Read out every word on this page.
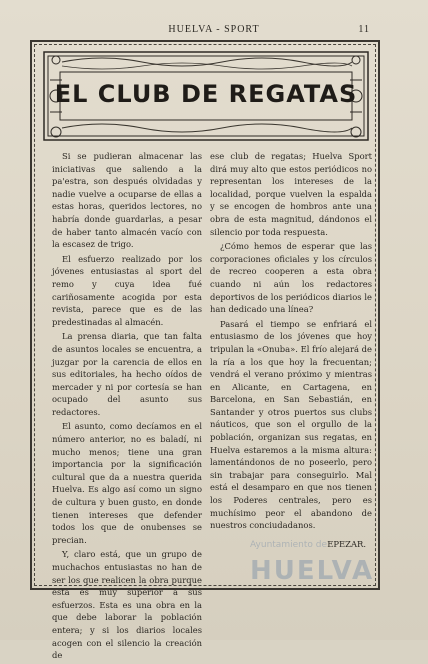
HUELVA - SPORT	11
EL CLUB DE REGATAS

Si se pudieran almacenar las iniciativas que saliendo a la pa'estra, son después olvidadas y nadie vuelve a ocuparse de ellas a estas horas, queridos lectores, no habría donde guardarlas, a pesar de haber tanto almacén vacío con la escasez de trigo.

El esfuerzo realizado por los jóvenes entusiastas al sport del remo y cuya idea fué cariñosamente acogida por esta revista, parece que es de las predestinadas al almacén.

La prensa diaria, que tan falta de asuntos locales se encuentra, a juzgar por la carencia de ellos en sus editoriales, ha hecho oídos de mercader y ni por cortesía se han ocupado del asunto sus redactores.

El asunto, como decíamos en el número anterior, no es baladí, ni mucho menos; tiene una gran importancia por la significación cultural que da a nuestra querida Huelva. Es algo así como un signo de cultura y buen gusto, en donde tienen intereses que defender todos los que de onubenses se precian.

Y, claro está, que un grupo de muchachos entusiastas no han de ser los que realicen la obra purque esta es muy superior a sus esfuerzos. Esta es una obra en la que debe laborar la población entera; y si los diarios locales acogen con el silencio la creación de

ese club de regatas; Huelva Sport dirá muy alto que estos periódicos no representan los intereses de la localidad, porque vuelven la espalda y se encogen de hombros ante una obra de esta magnitud, dándonos el silencio por toda respuesta.

¿Cómo hemos de esperar que las corporaciones oficiales y los círculos de recreo cooperen a esta obra cuando ni aún los redactores deportivos de los periódicos diarios le han dedicado una línea?

Pasará el tiempo se enfriará el entusiasmo de los jóvenes que hoy tripulan la «Onuba». El frío alejará de la ría a los que hoy la frecuentan; vendrá el verano próximo y mientras en Alicante, en Cartagena, en Barcelona, en San Sebastián, en Santander y otros puertos sus clubs náuticos, que son el orgullo de la población, organizan sus regatas, en Huelva estaremos a la misma altura: lamentándonos de no poseerlo, pero sin trabajar para conseguirlo. Mal está el desamparo en que nos tienen los Poderes centrales, pero es muchísimo peor el abandono de nuestros conciudadanos.

EPEZAR.
Ayuntamiento de
HUELVA
